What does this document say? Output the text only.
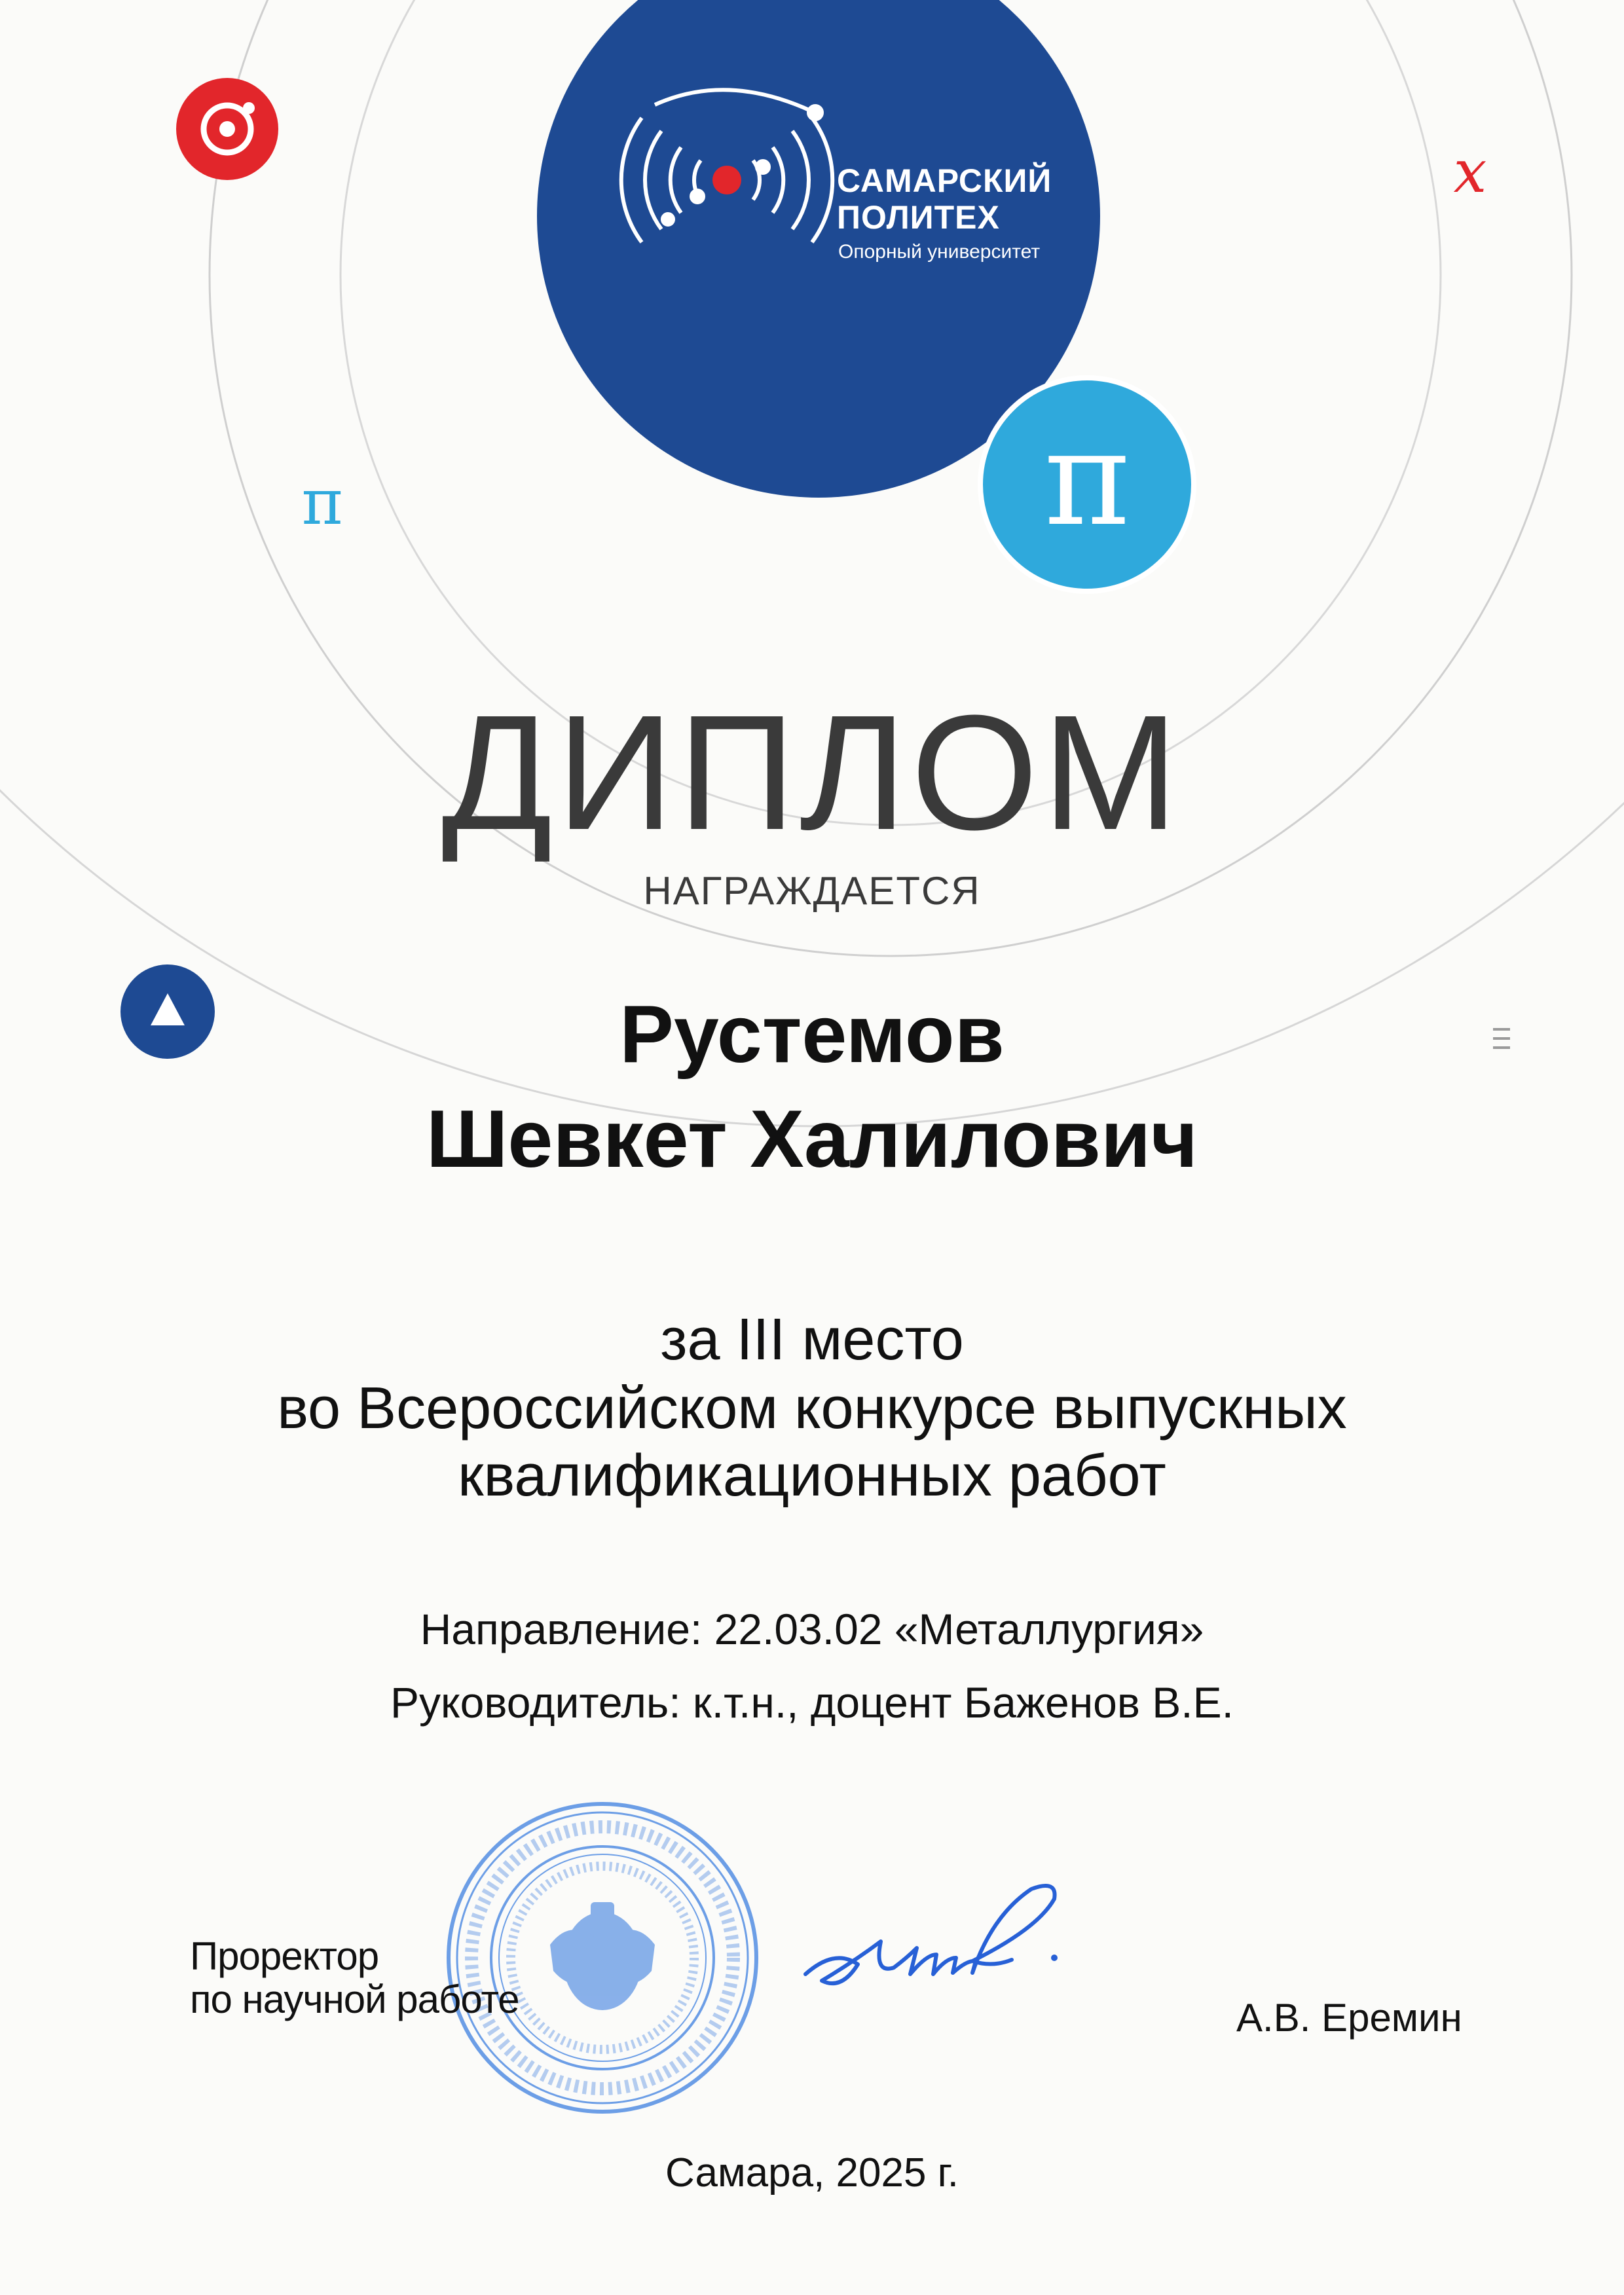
π
π
x
САМАРСКИЙ
ПОЛИТЕХ
Опорный университет
ДИПЛОМ
НАГРАЖДАЕТСЯ
Рустемов
Шевкет Халилович
за III место
во Всероссийском конкурсе выпускных
квалификационных работ
Направление: 22.03.02 «Металлургия»
Руководитель: к.т.н., доцент Баженов В.Е.
Проректор
по научной работе	А.В. Еремин
Самара, 2025 г.
